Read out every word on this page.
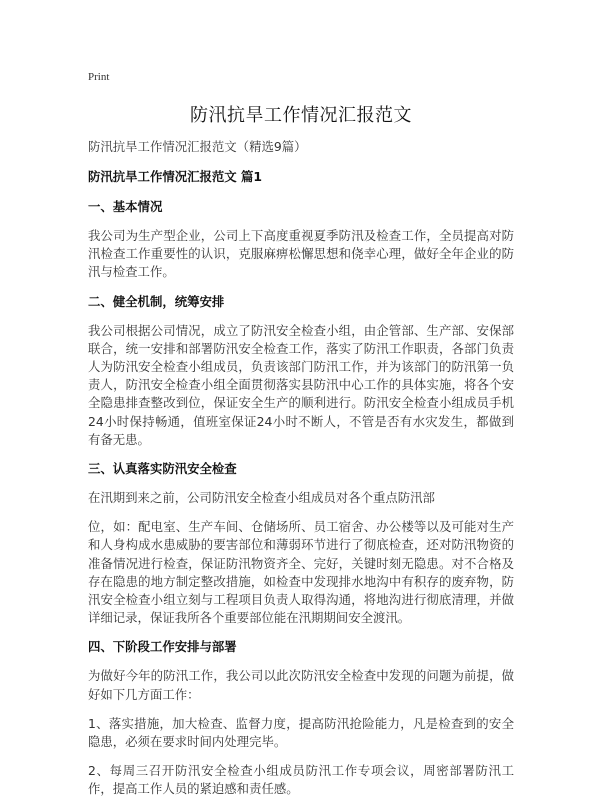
Print
防汛抗旱工作情况汇报范文

防汛抗旱工作情况汇报范文（精选9篇）

防汛抗旱工作情况汇报范文 篇1

一、基本情况

我公司为生产型企业，公司上下高度重视夏季防汛及检查工作，全员提高对防汛检查工作重要性的认识，克服麻痹松懈思想和侥幸心理，做好全年企业的防汛与检查工作。

二、健全机制，统筹安排

我公司根据公司情况，成立了防汛安全检查小组，由企管部、生产部、安保部联合，统一安排和部署防汛安全检查工作，落实了防汛工作职责，各部门负责人为防汛安全检查小组成员，负责该部门防汛工作，并为该部门的防汛第一负责人，防汛安全检查小组全面贯彻落实县防汛中心工作的具体实施，将各个安全隐患排查整改到位，保证安全生产的顺利进行。防汛安全检查小组成员手机24小时保持畅通，值班室保证24小时不断人，不管是否有水灾发生，都做到有备无患。

三、认真落实防汛安全检查

在汛期到来之前，公司防汛安全检查小组成员对各个重点防汛部

位，如：配电室、生产车间、仓储场所、员工宿舍、办公楼等以及可能对生产和人身构成水患威胁的要害部位和薄弱环节进行了彻底检查，还对防汛物资的准备情况进行检查，保证防汛物资齐全、完好，关键时刻无隐患。对不合格及存在隐患的地方制定整改措施，如检查中发现排水地沟中有积存的废弃物，防汛安全检查小组立刻与工程项目负责人取得沟通，将地沟进行彻底清理，并做详细记录，保证我所各个重要部位能在汛期期间安全渡汛。

四、下阶段工作安排与部署

为做好今年的防汛工作，我公司以此次防汛安全检查中发现的问题为前提，做好如下几方面工作：

1、落实措施，加大检查、监督力度，提高防汛抢险能力，凡是检查到的安全隐患，必须在要求时间内处理完毕。

2、每周三召开防汛安全检查小组成员防汛工作专项会议，周密部署防汛工作，提高工作人员的紧迫感和责任感。
